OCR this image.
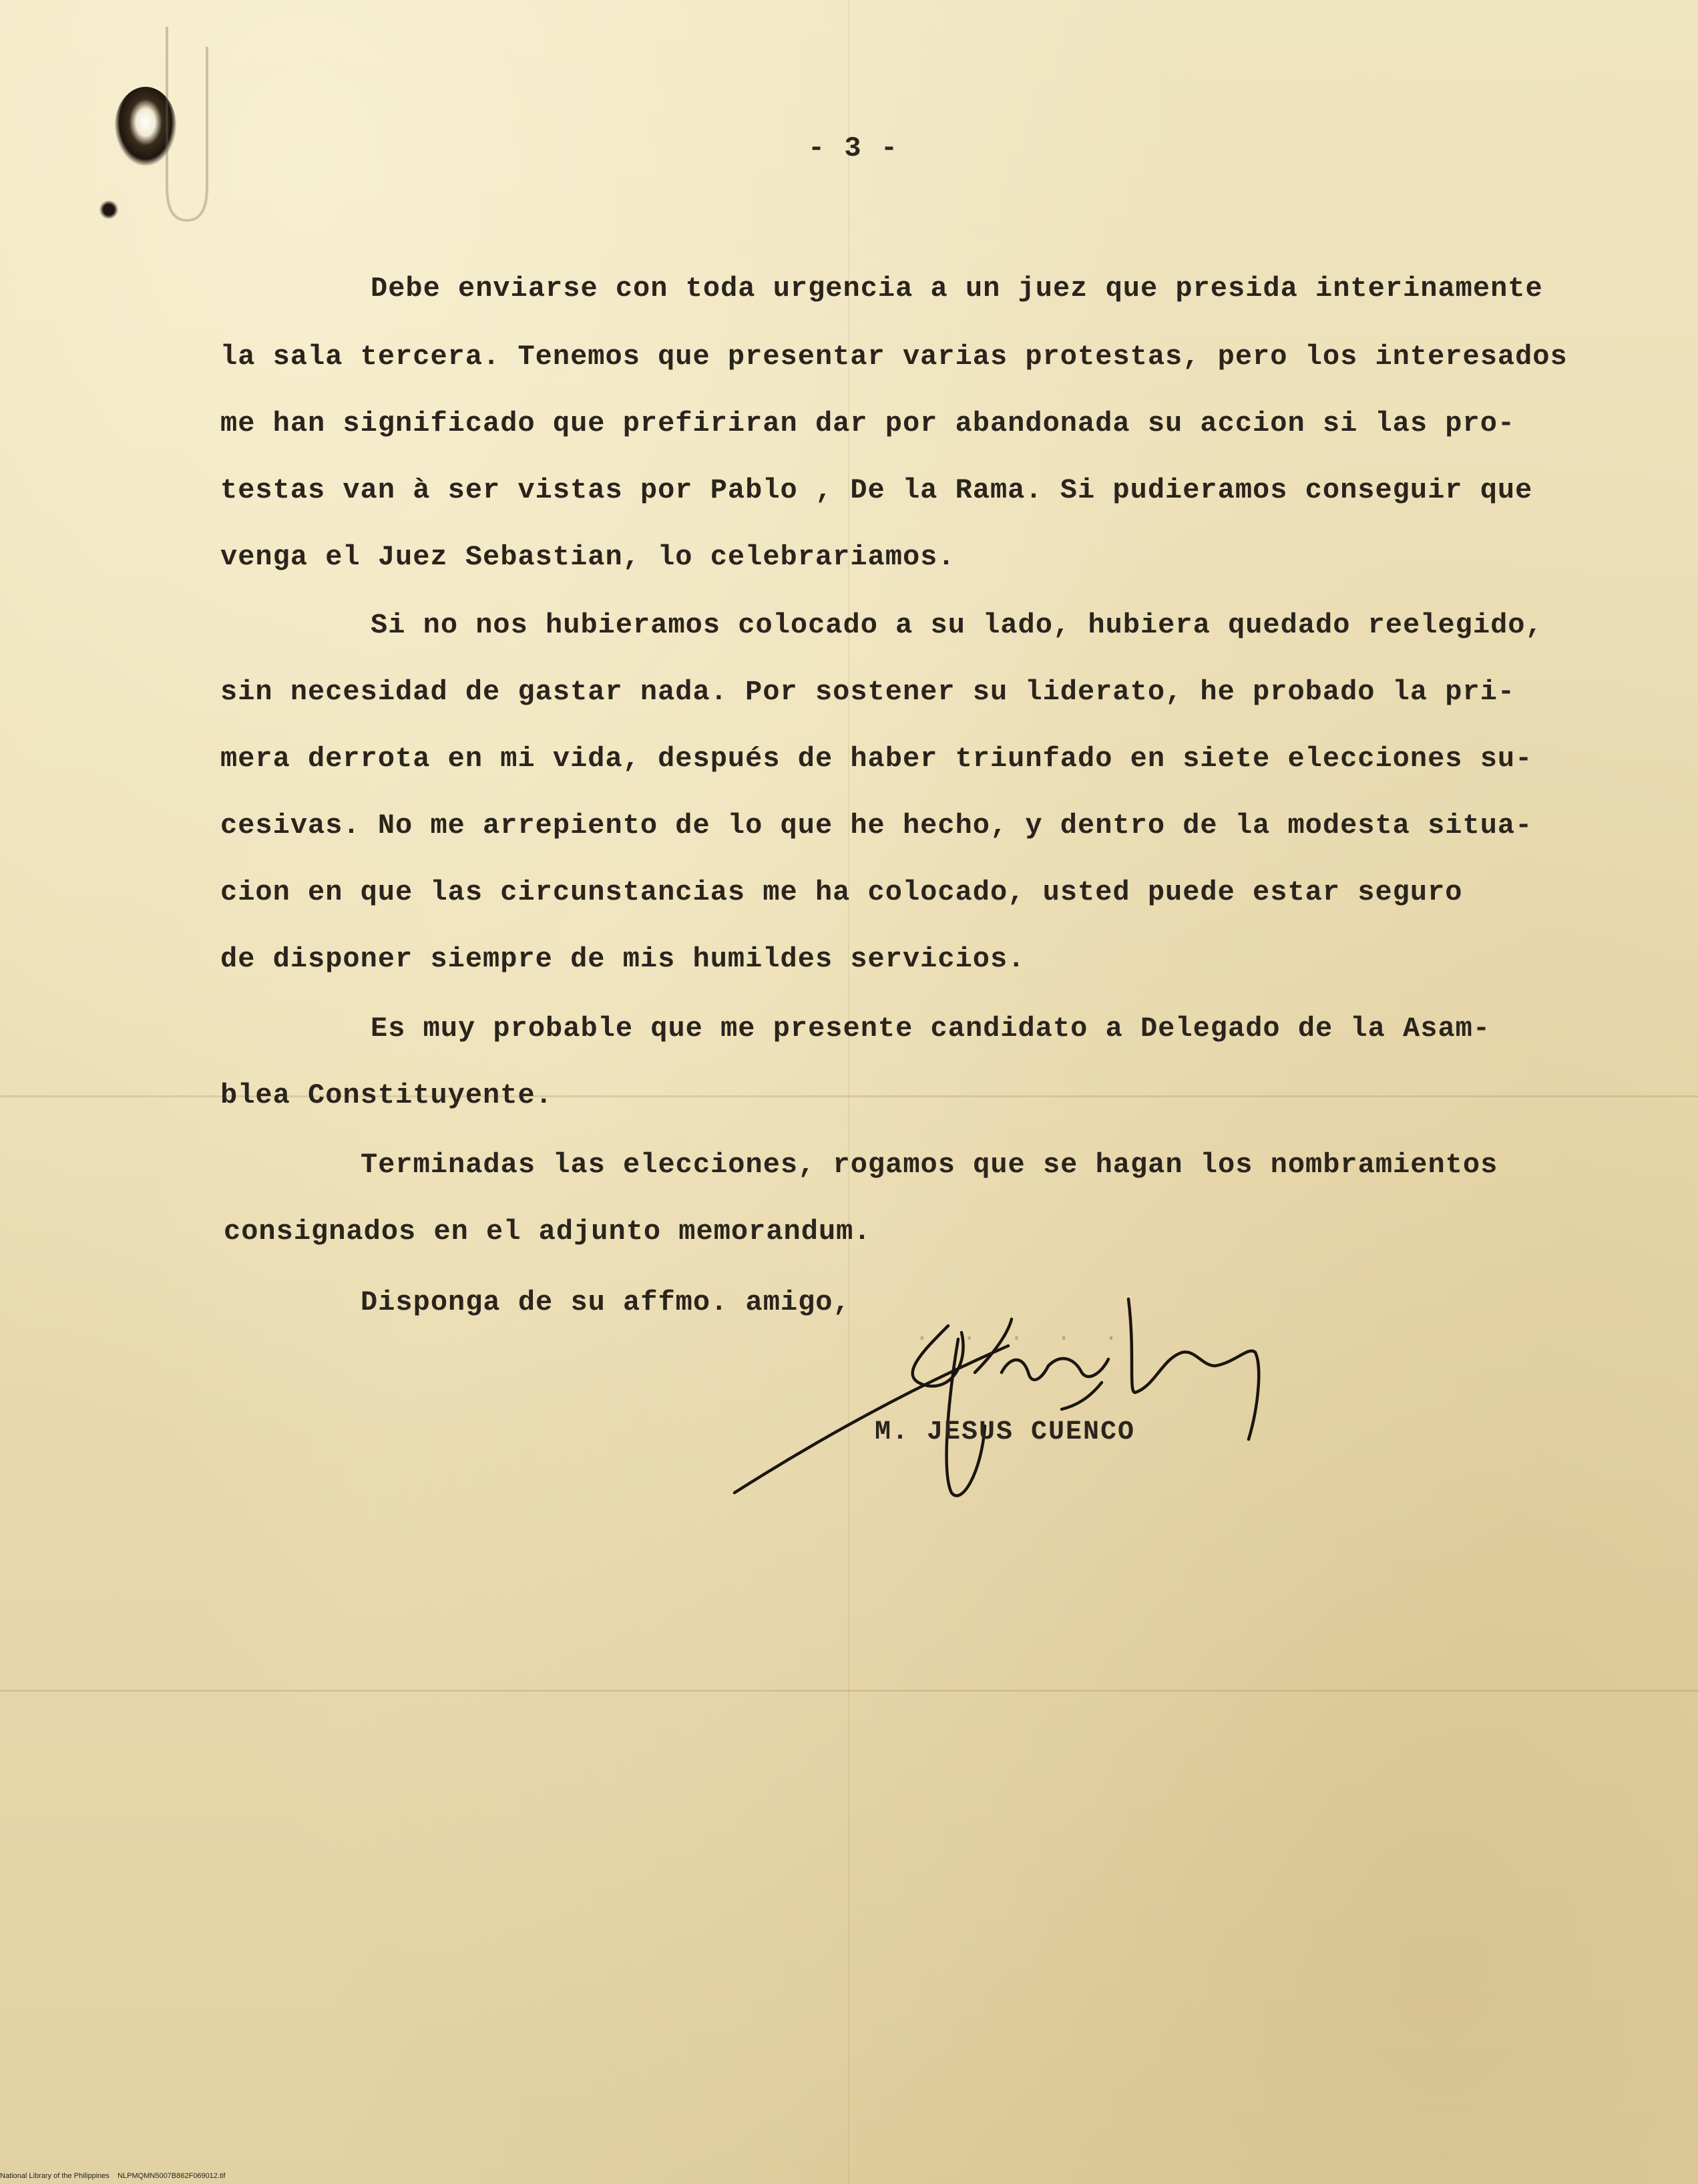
- 3 -
Debe enviarse con toda urgencia a un juez que presida interinamente
la sala tercera. Tenemos que presentar varias protestas, pero los interesados
me han significado que prefiriran dar por abandonada su accion si las pro-
testas van à ser vistas por Pablo , De la Rama. Si pudieramos conseguir que
venga el Juez Sebastian, lo celebrariamos.
Si no nos hubieramos colocado a su lado, hubiera quedado reelegido,
sin necesidad de gastar nada. Por sostener su liderato, he probado la pri-
mera derrota en mi vida, después de haber triunfado en siete elecciones su-
cesivas. No me arrepiento de lo que he hecho, y dentro de la modesta situa-
cion en que las circunstancias me ha colocado, usted puede estar seguro
de disponer siempre de mis humildes servicios.
Es muy probable que me presente candidato a Delegado de la Asam-
blea Constituyente.
Terminadas las elecciones, rogamos que se hagan los nombramientos
consignados en el adjunto memorandum.
Disponga de su affmo. amigo,
.  .  .  .  .
M. JESUS CUENCO
National Library of the Philippines NLPMQMN5007B862F069012.tif
